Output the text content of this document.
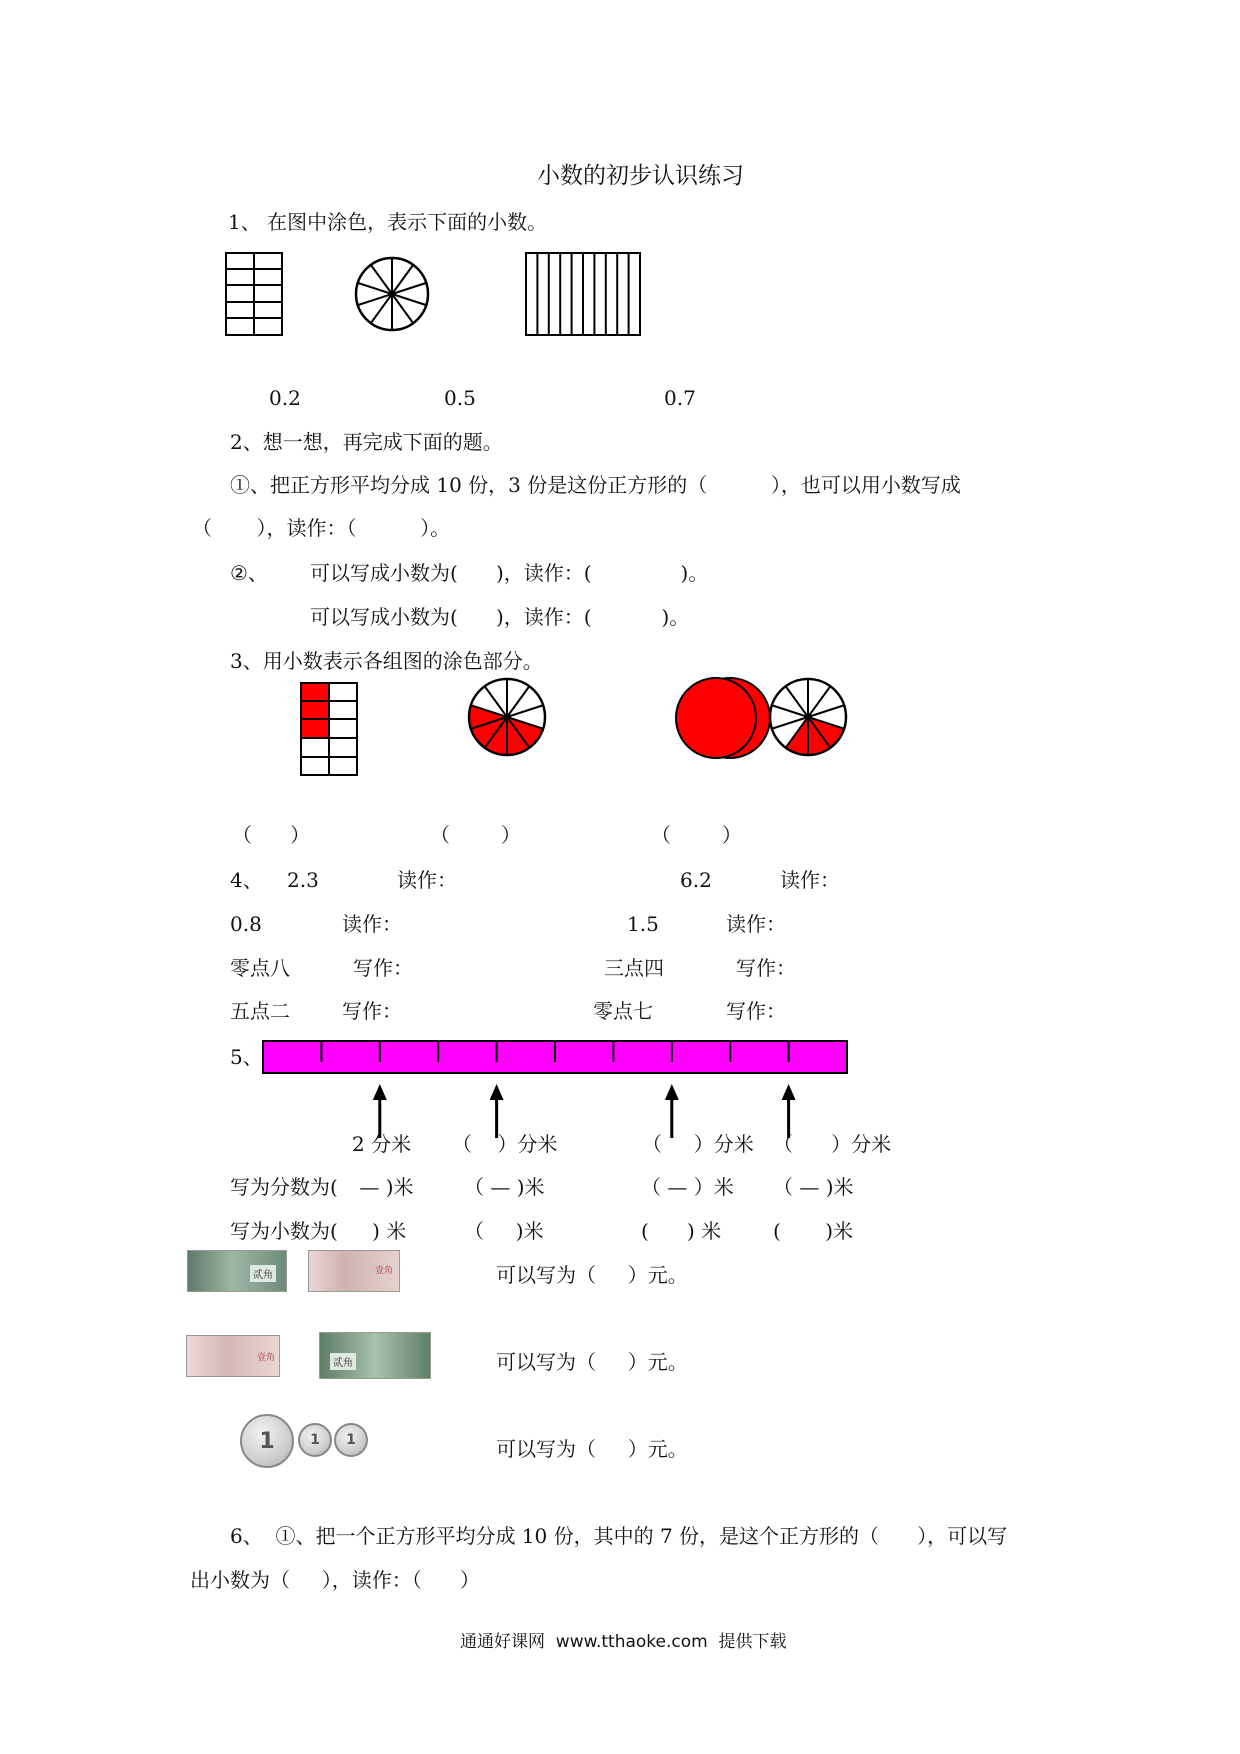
小数的初步认识练习
1、 在图中涂色，表示下面的小数。
0.2	0.5	0.7
2、想一想，再完成下面的题。
①、把正方形平均分成 10 份，3 份是这份正方形的（          ），也可以用小数写成
（       ），读作：（          ）。
②、 可以写成小数为(      )，读作：(              )。
可以写成小数为(      )，读作：(           )。
3、用小数表示各组图的涂色部分。
（      ）	（        ）	（        ）
4、 2.3	读作：	6.2	读作：
0.8	读作：	1.5	读作：
零点八	写作：	三点四	写作：
五点二	写作：	零点七	写作：
5、
2 分米 （    ）分米	（     ）分米 （      ）分米
写为分数为( — )米	（ — )米	（ — ）米 （ — )米
写为小数为( ) 米	（     )米	(      ) 米	(       )米
贰角	壹角	可以写为（     ）元。
壹角	贰角	可以写为（     ）元。
1	1	1	可以写为（     ）元。
6、  ①、把一个正方形平均分成 10 份，其中的 7 份，是这个正方形的（      ），可以写
出小数为（     ），读作：（      ）
通通好课网  www.tthaoke.com  提供下载
